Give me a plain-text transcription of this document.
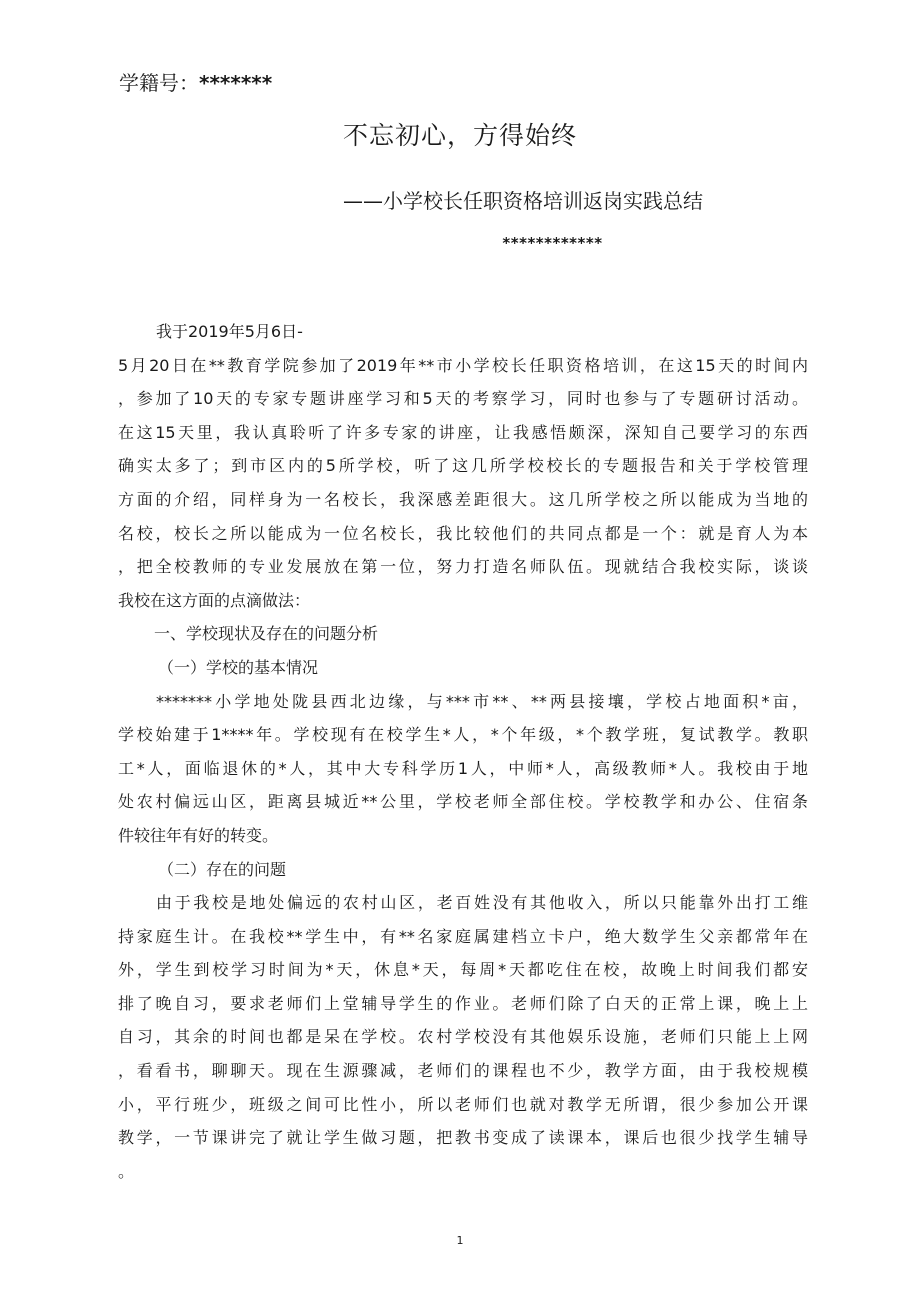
学籍号：*******
不忘初心，方得始终
——小学校长任职资格培训返岗实践总结
************
我于2019年5月6日-
5月20日在**教育学院参加了2019年**市小学校长任职资格培训，在这15天的时间内
，参加了10天的专家专题讲座学习和5天的考察学习，同时也参与了专题研讨活动。
在这15天里，我认真聆听了许多专家的讲座，让我感悟颇深，深知自己要学习的东西
确实太多了；到市区内的5所学校，听了这几所学校校长的专题报告和关于学校管理
方面的介绍，同样身为一名校长，我深感差距很大。这几所学校之所以能成为当地的
名校，校长之所以能成为一位名校长，我比较他们的共同点都是一个：就是育人为本
，把全校教师的专业发展放在第一位，努力打造名师队伍。现就结合我校实际，谈谈
我校在这方面的点滴做法：
一、学校现状及存在的问题分析
（一）学校的基本情况
*******小学地处陇县西北边缘，与***市**、**两县接壤，学校占地面积*亩，
学校始建于1****年。学校现有在校学生*人，*个年级，*个教学班，复试教学。教职
工*人，面临退休的*人，其中大专科学历1人，中师*人，高级教师*人。我校由于地
处农村偏远山区，距离县城近**公里，学校老师全部住校。学校教学和办公、住宿条
件较往年有好的转变。
（二）存在的问题
由于我校是地处偏远的农村山区，老百姓没有其他收入，所以只能靠外出打工维
持家庭生计。在我校**学生中，有**名家庭属建档立卡户，绝大数学生父亲都常年在
外，学生到校学习时间为*天，休息*天，每周*天都吃住在校，故晚上时间我们都安
排了晚自习，要求老师们上堂辅导学生的作业。老师们除了白天的正常上课，晚上上
自习，其余的时间也都是呆在学校。农村学校没有其他娱乐设施，老师们只能上上网
，看看书，聊聊天。现在生源骤减，老师们的课程也不少，教学方面，由于我校规模
小，平行班少，班级之间可比性小，所以老师们也就对教学无所谓，很少参加公开课
教学，一节课讲完了就让学生做习题，把教书变成了读课本，课后也很少找学生辅导
。
1
